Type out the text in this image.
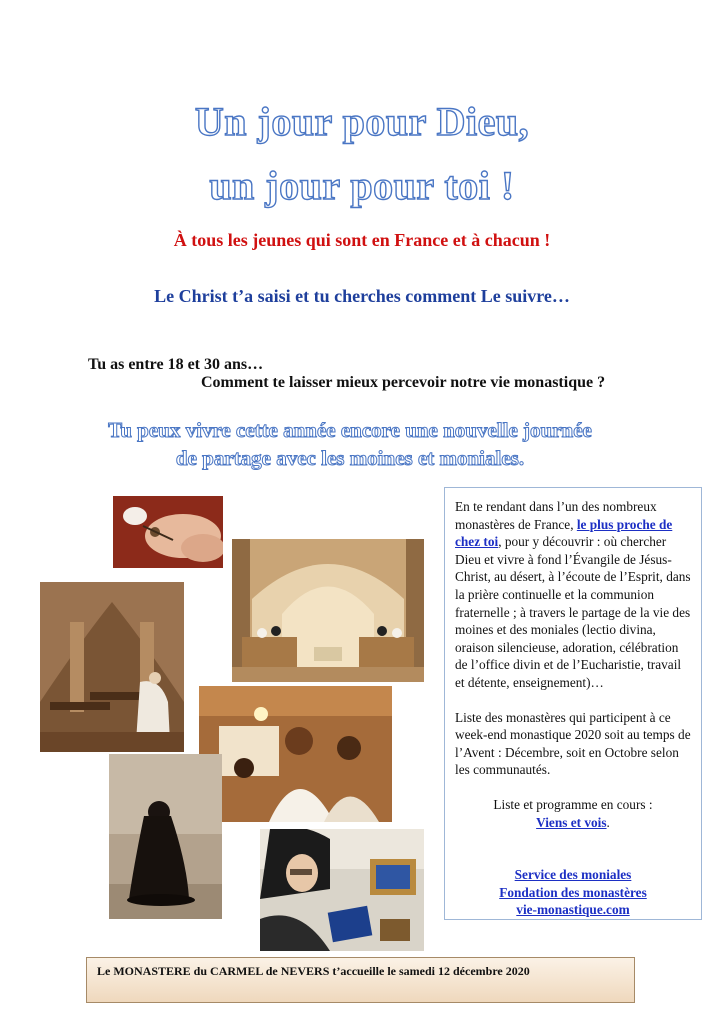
Un jour pour Dieu,
un jour pour toi !
À tous les jeunes qui sont en France et à chacun !
Le Christ t’a saisi et tu cherches comment Le suivre…
Tu as entre 18 et 30 ans…
Comment te laisser mieux percevoir notre vie monastique ?
Tu peux vivre cette année encore une nouvelle journée
de partage avec les moines et moniales.

En te rendant dans l’un des nombreux monastères de France, le plus proche de chez toi, pour y découvrir : où chercher Dieu et vivre à fond l’Évangile de Jésus-Christ, au désert, à l’écoute de l’Esprit, dans la prière continuelle et la communion fraternelle ; à travers le partage de la vie des moines et des moniales (lectio divina, oraison silencieuse, adoration, célébration de l’office divin et de l’Eucharistie, travail et détente, enseignement)…

Liste des monastères qui participent à ce week-end monastique 2020 soit au temps de l’Avent : Décembre, soit en Octobre selon les communautés.

Liste et programme en cours :

Viens et vois.

Service des moniales

Fondation des monastères

vie-monastique.com

Le MONASTERE du CARMEL de NEVERS t’accueille le samedi 12 décembre 2020
